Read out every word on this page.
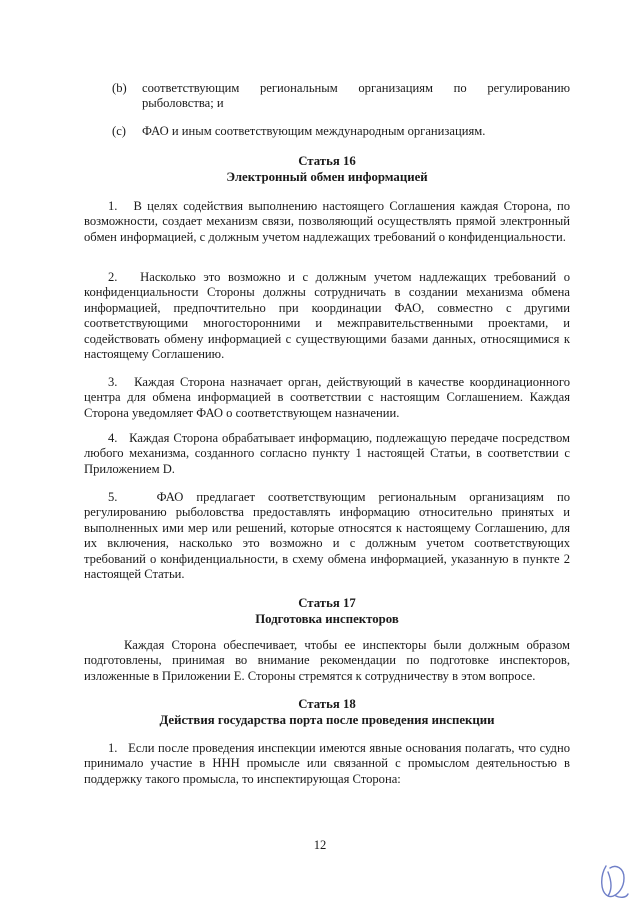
(b) соответствующим региональным организациям по регулированию рыболовства; и
(c) ФАО и иным соответствующим международным организациям.
Статья 16
Электронный обмен информацией

1.   В целях содействия выполнению настоящего Соглашения каждая Сторона, по возможности, создает механизм связи, позволяющий осуществлять прямой электронный обмен информацией, с должным учетом надлежащих требований о конфиденциальности.

2.   Насколько это возможно и с должным учетом надлежащих требований о конфиденциальности Стороны должны сотрудничать в создании механизма обмена информацией, предпочтительно при координации ФАО, совместно с другими соответствующими многосторонними и межправительственными проектами, и содействовать обмену информацией с существующими базами данных, относящимися к настоящему Соглашению.

3.   Каждая Сторона назначает орган, действующий в качестве координационного центра для обмена информацией в соответствии с настоящим Соглашением. Каждая Сторона уведомляет ФАО о соответствующем назначении.

4.   Каждая Сторона обрабатывает информацию, подлежащую передаче посредством любого механизма, созданного согласно пункту 1 настоящей Статьи, в соответствии с Приложением D.

5.   ФАО предлагает соответствующим региональным организациям по регулированию рыболовства предоставлять информацию относительно принятых и выполненных ими мер или решений, которые относятся к настоящему Соглашению, для их включения, насколько это возможно и с должным учетом соответствующих требований о конфиденциальности, в схему обмена информацией, указанную в пункте 2 настоящей Статьи.

Статья 17
Подготовка инспекторов

Каждая Сторона обеспечивает, чтобы ее инспекторы были должным образом подготовлены, принимая во внимание рекомендации по подготовке инспекторов, изложенные в Приложении E. Стороны стремятся к сотрудничеству в этом вопросе.

Статья 18
Действия государства порта после проведения инспекции

1.   Если после проведения инспекции имеются явные основания полагать, что судно принимало участие в ННН промысле или связанной с промыслом деятельностью в поддержку такого промысла, то инспектирующая Сторона:

12
